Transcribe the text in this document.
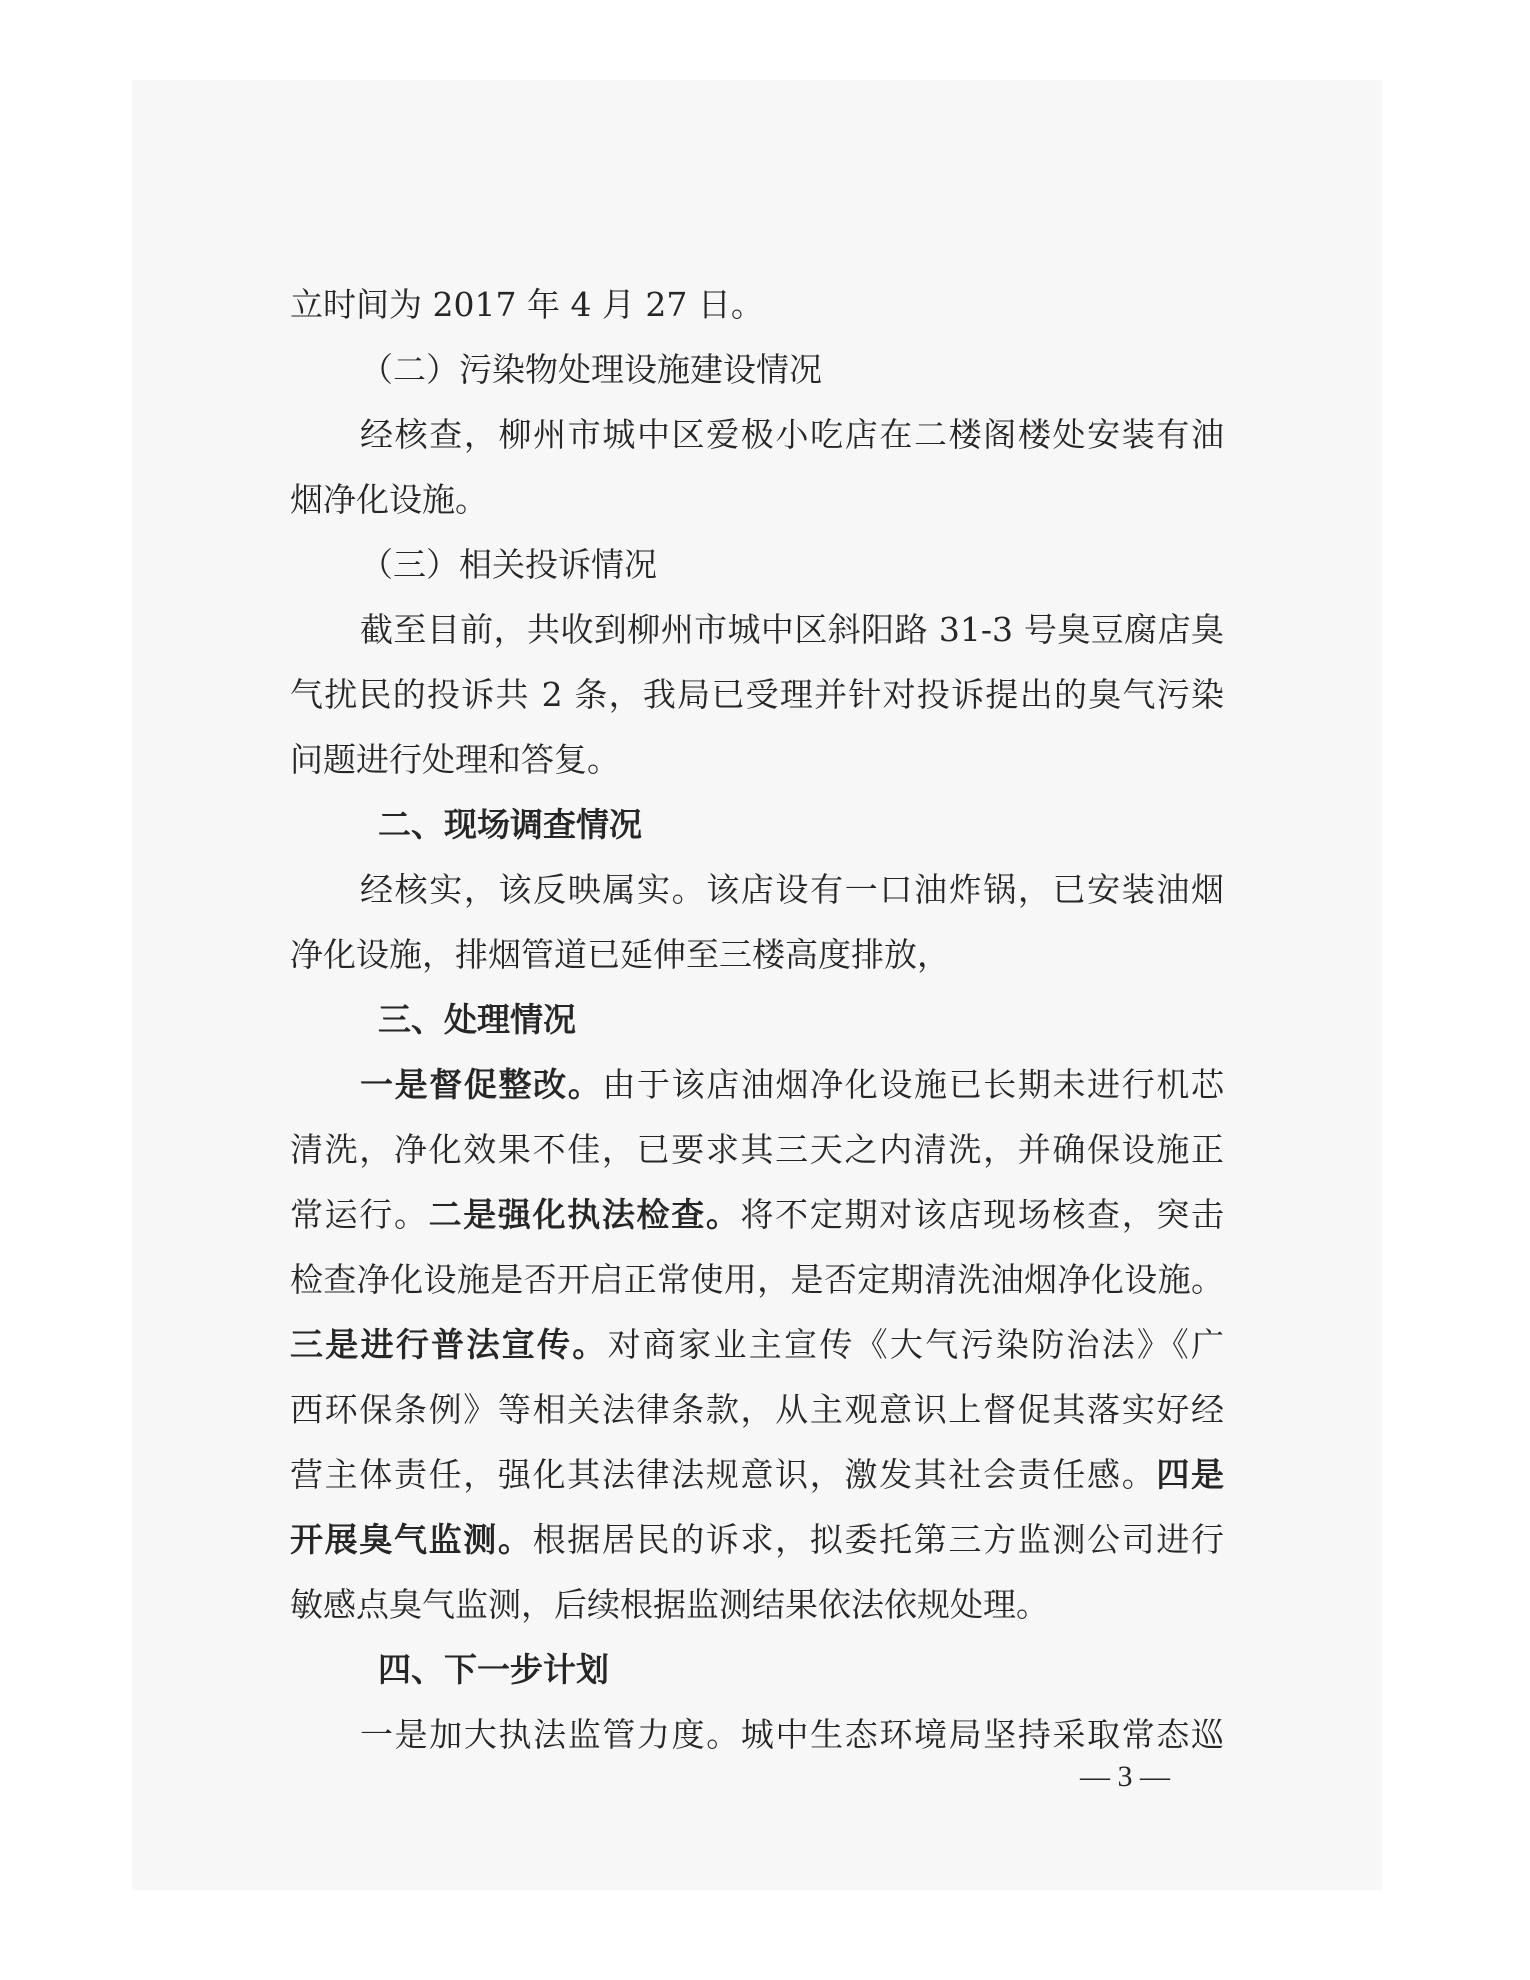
立时间为 2017 年 4 月 27 日。
（二）污染物处理设施建设情况
经核查，柳州市城中区爱极小吃店在二楼阁楼处安装有油
烟净化设施。
（三）相关投诉情况
截至目前，共收到柳州市城中区斜阳路 31-3 号臭豆腐店臭
气扰民的投诉共 2 条，我局已受理并针对投诉提出的臭气污染
问题进行处理和答复。
二、现场调查情况
经核实，该反映属实。该店设有一口油炸锅，已安装油烟
净化设施，排烟管道已延伸至三楼高度排放，
三、处理情况
一是督促整改。由于该店油烟净化设施已长期未进行机芯
清洗，净化效果不佳，已要求其三天之内清洗，并确保设施正
常运行。二是强化执法检查。将不定期对该店现场核查，突击
检查净化设施是否开启正常使用，是否定期清洗油烟净化设施。
三是进行普法宣传。对商家业主宣传《大气污染防治法》《广
西环保条例》等相关法律条款，从主观意识上督促其落实好经
营主体责任，强化其法律法规意识，激发其社会责任感。四是
开展臭气监测。根据居民的诉求，拟委托第三方监测公司进行
敏感点臭气监测，后续根据监测结果依法依规处理。
四、下一步计划
一是加大执法监管力度。城中生态环境局坚持采取常态巡
— 3 —
